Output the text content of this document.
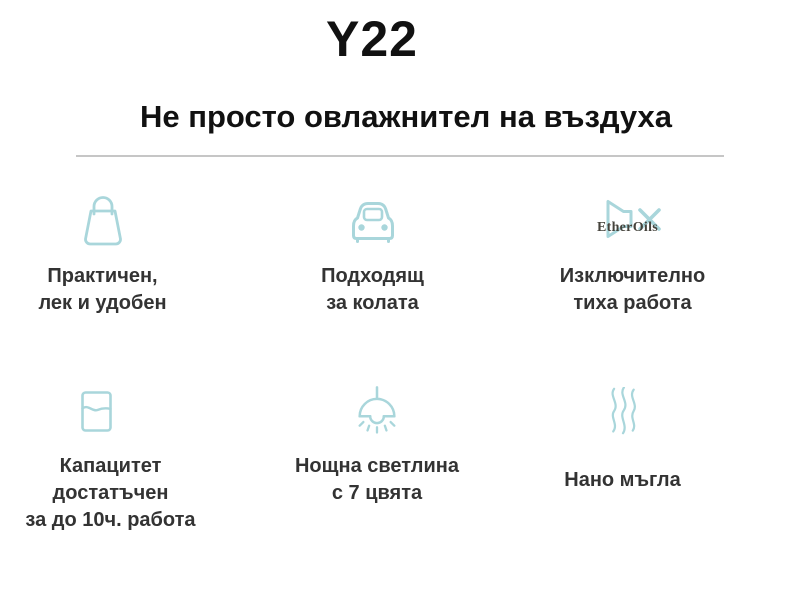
Y22
Не просто овлажнител на въздуха
Практичен,
лек и удобен
Подходящ
за колата
EtherOils
Изключително
тиха работа
Капацитет достатъчен
за до 10ч. работа
Нощна светлина
с 7 цвята
Нано мъгла
